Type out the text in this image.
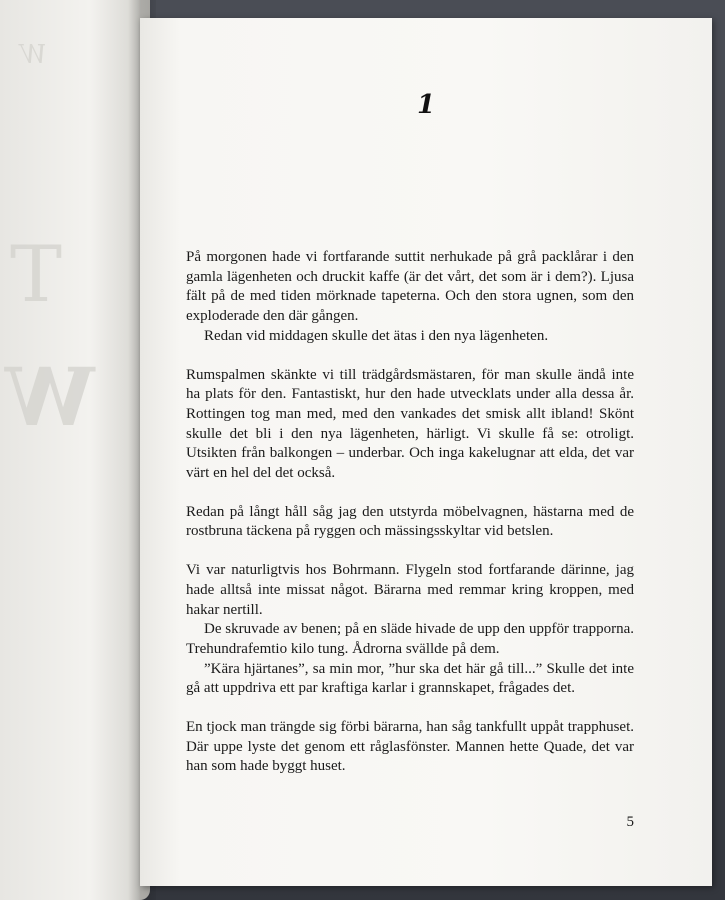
W
T
W
1

På morgonen hade vi fortfarande suttit nerhukade på grå packlårar i den gamla lägenheten och druckit kaffe (är det vårt, det som är i dem?). Ljusa fält på de med tiden mörknade tapeterna. Och den stora ugnen, som den exploderade den där gången.

Redan vid middagen skulle det ätas i den nya lägenheten.

Rumspalmen skänkte vi till trädgårdsmästaren, för man skulle ändå inte ha plats för den. Fantastiskt, hur den hade utvecklats under alla dessa år. Rottingen tog man med, med den vankades det smisk allt ibland! Skönt skulle det bli i den nya lägenheten, härligt. Vi skulle få se: otroligt. Utsikten från balkongen – underbar. Och inga kakelugnar att elda, det var värt en hel del det också.

Redan på långt håll såg jag den utstyrda möbelvagnen, hästarna med de rostbruna täckena på ryggen och mässingsskyltar vid betslen.

Vi var naturligtvis hos Bohrmann. Flygeln stod fortfarande därinne, jag hade alltså inte missat något. Bärarna med remmar kring kroppen, med hakar nertill.

De skruvade av benen; på en släde hivade de upp den uppför trapporna. Trehundrafemtio kilo tung. Ådrorna svällde på dem.

”Kära hjärtanes”, sa min mor, ”hur ska det här gå till...” Skulle det inte gå att uppdriva ett par kraftiga karlar i grannskapet, frågades det.

En tjock man trängde sig förbi bärarna, han såg tankfullt uppåt trapphuset. Där uppe lyste det genom ett råglasfönster. Mannen hette Quade, det var han som hade byggt huset.

5
